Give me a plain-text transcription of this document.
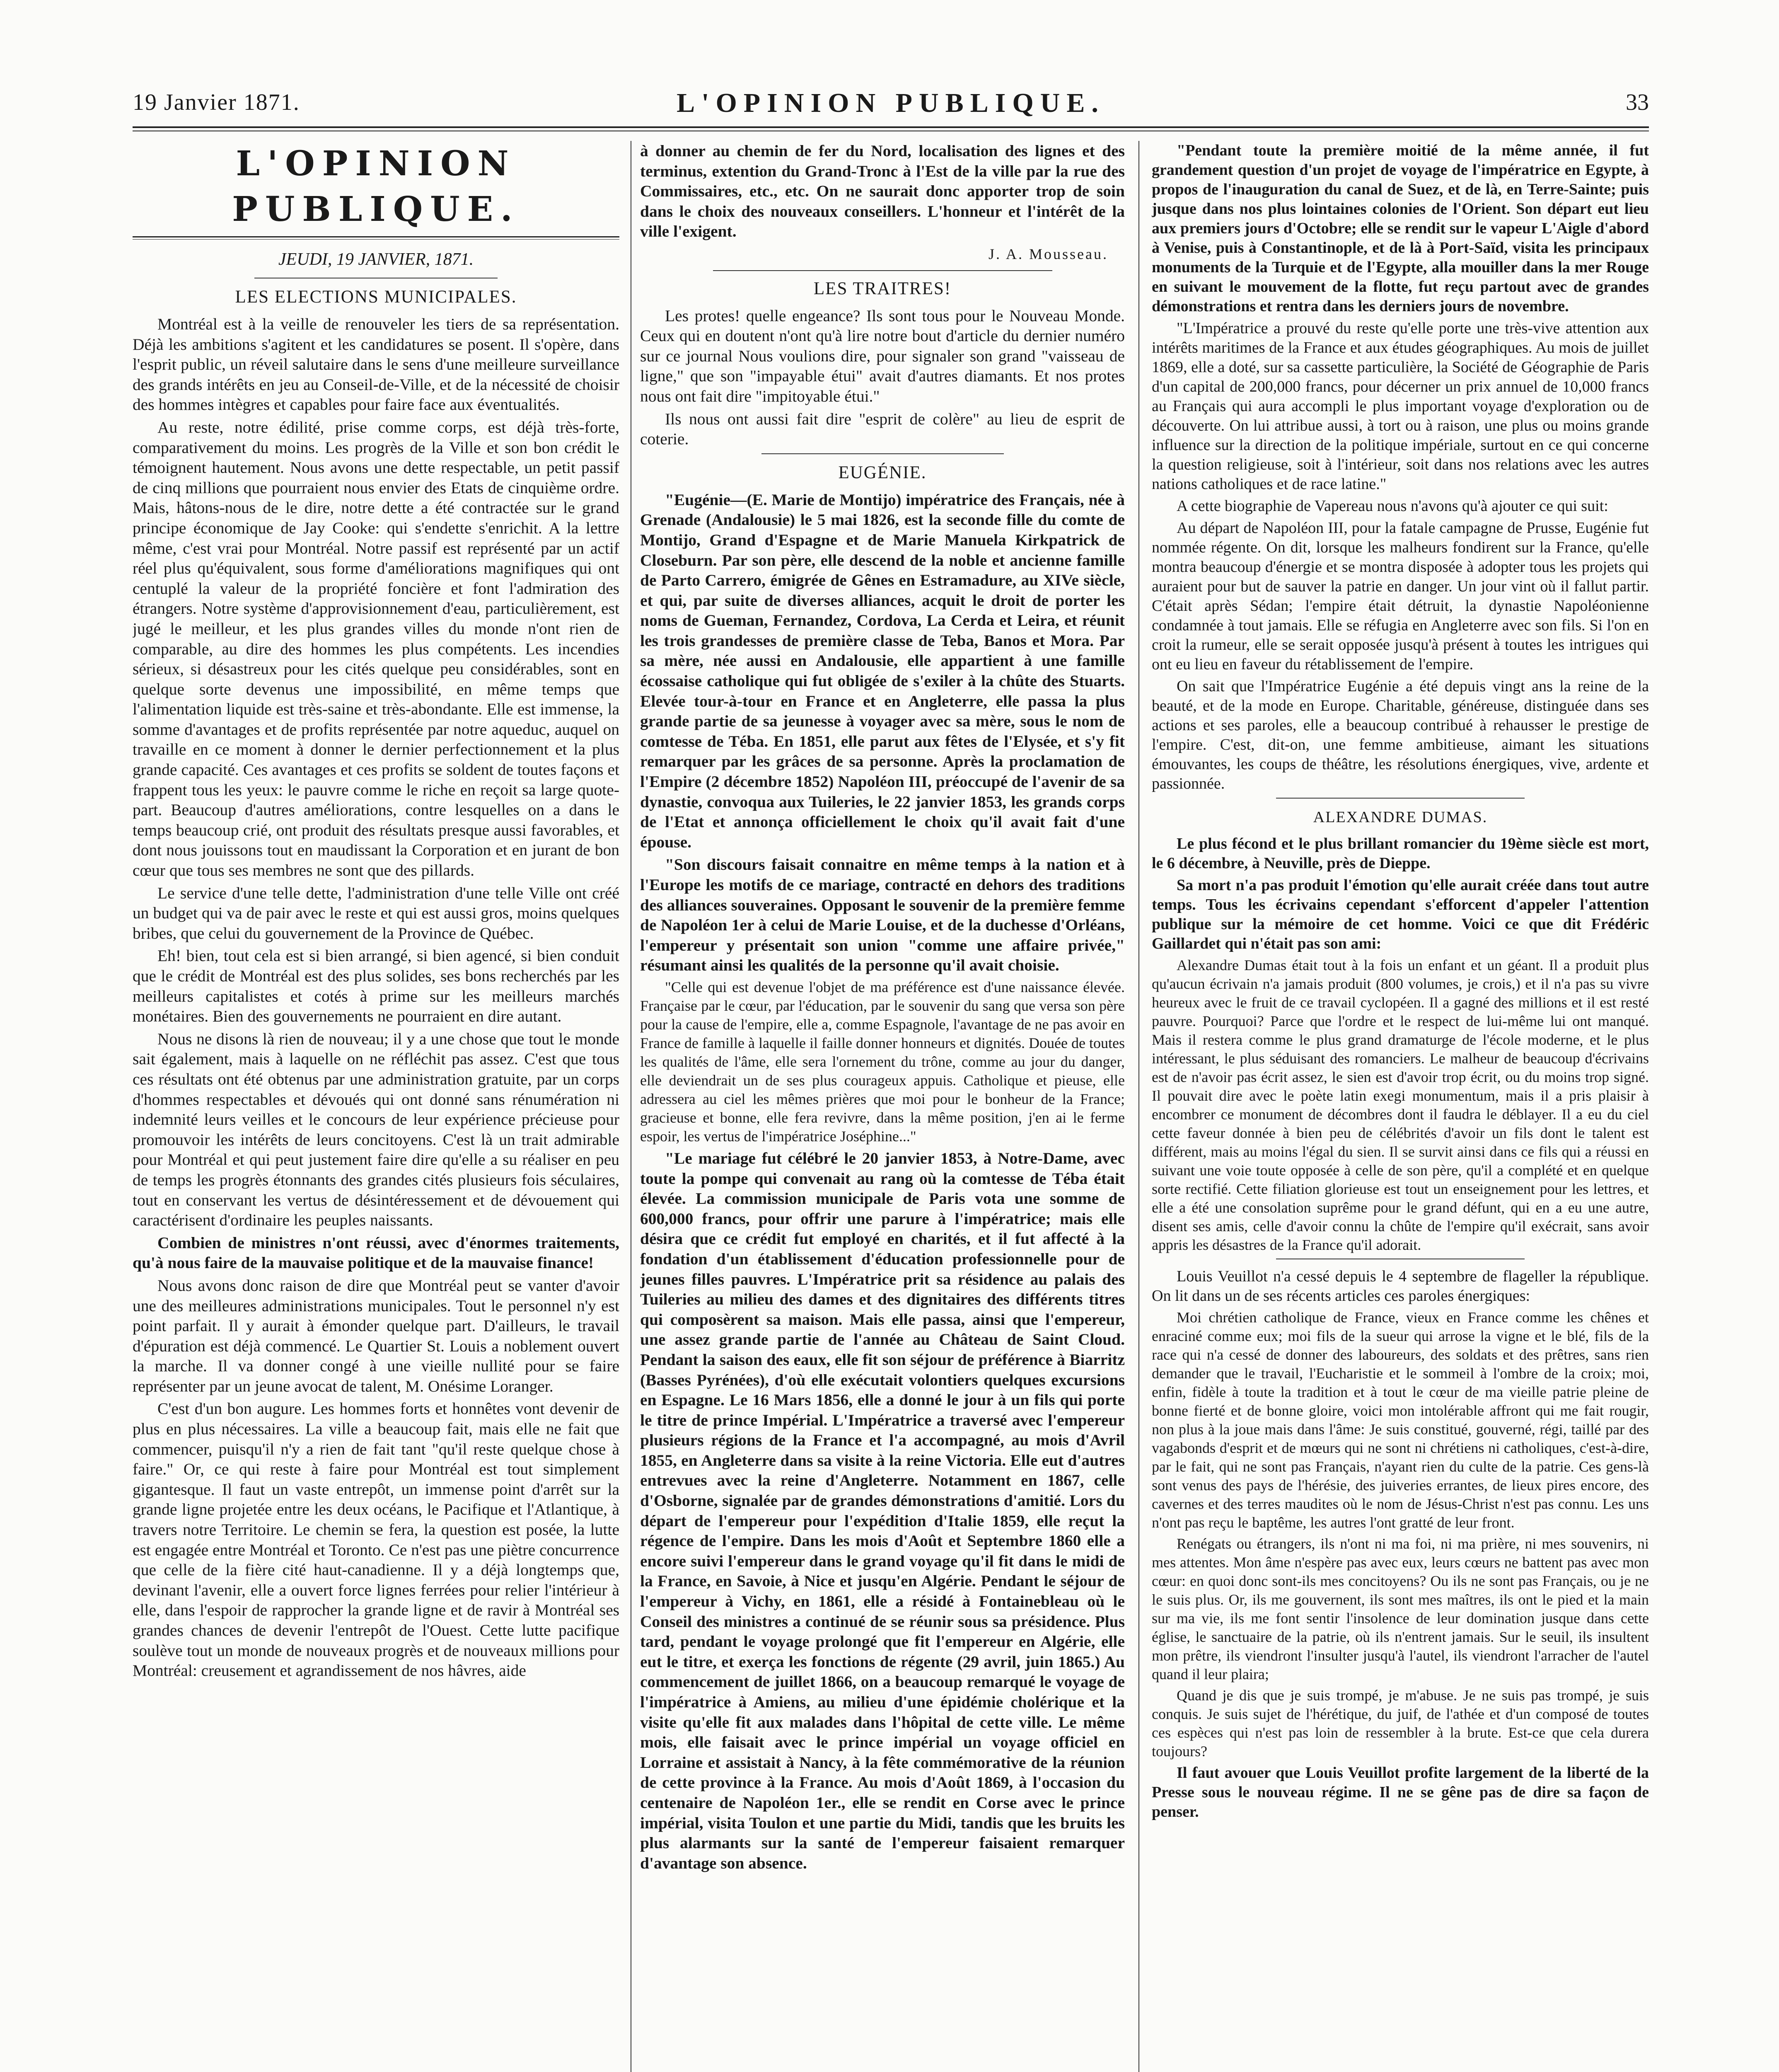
19 Janvier 1871.	L'OPINION PUBLIQUE.	33
L'OPINION PUBLIQUE.
JEUDI, 19 JANVIER, 1871.
LES ELECTIONS MUNICIPALES.

Montréal est à la veille de renouveler les tiers de sa représentation. Déjà les ambitions s'agitent et les candidatures se posent. Il s'opère, dans l'esprit public, un réveil salutaire dans le sens d'une meilleure surveillance des grands intérêts en jeu au Conseil-de-Ville, et de la nécessité de choisir des hommes intègres et capables pour faire face aux éventualités.

Au reste, notre édilité, prise comme corps, est déjà très-forte, comparativement du moins. Les progrès de la Ville et son bon crédit le témoignent hautement. Nous avons une dette respectable, un petit passif de cinq millions que pourraient nous envier des Etats de cinquième ordre. Mais, hâtons-nous de le dire, notre dette a été contractée sur le grand principe économique de Jay Cooke: qui s'endette s'enrichit. A la lettre même, c'est vrai pour Montréal. Notre passif est représenté par un actif réel plus qu'équivalent, sous forme d'améliorations magnifiques qui ont centuplé la valeur de la propriété foncière et font l'admiration des étrangers. Notre système d'approvisionnement d'eau, particulièrement, est jugé le meilleur, et les plus grandes villes du monde n'ont rien de comparable, au dire des hommes les plus compétents. Les incendies sérieux, si désastreux pour les cités quelque peu considérables, sont en quelque sorte devenus une impossibilité, en même temps que l'alimentation liquide est très-saine et très-abondante. Elle est immense, la somme d'avantages et de profits représentée par notre aqueduc, auquel on travaille en ce moment à donner le dernier perfectionnement et la plus grande capacité. Ces avantages et ces profits se soldent de toutes façons et frappent tous les yeux: le pauvre comme le riche en reçoit sa large quote-part. Beaucoup d'autres améliorations, contre lesquelles on a dans le temps beaucoup crié, ont produit des résultats presque aussi favorables, et dont nous jouissons tout en maudissant la Corporation et en jurant de bon cœur que tous ses membres ne sont que des pillards.

Le service d'une telle dette, l'administration d'une telle Ville ont créé un budget qui va de pair avec le reste et qui est aussi gros, moins quelques bribes, que celui du gouvernement de la Province de Québec.

Eh! bien, tout cela est si bien arrangé, si bien agencé, si bien conduit que le crédit de Montréal est des plus solides, ses bons recherchés par les meilleurs capitalistes et cotés à prime sur les meilleurs marchés monétaires. Bien des gouvernements ne pourraient en dire autant.

Nous ne disons là rien de nouveau; il y a une chose que tout le monde sait également, mais à laquelle on ne réfléchit pas assez. C'est que tous ces résultats ont été obtenus par une administration gratuite, par un corps d'hommes respectables et dévoués qui ont donné sans rénumération ni indemnité leurs veilles et le concours de leur expérience précieuse pour promouvoir les intérêts de leurs concitoyens. C'est là un trait admirable pour Montréal et qui peut justement faire dire qu'elle a su réaliser en peu de temps les progrès étonnants des grandes cités plusieurs fois séculaires, tout en conservant les vertus de désintéressement et de dévouement qui caractérisent d'ordinaire les peuples naissants.

Combien de ministres n'ont réussi, avec d'énormes traitements, qu'à nous faire de la mauvaise politique et de la mauvaise finance!

Nous avons donc raison de dire que Montréal peut se vanter d'avoir une des meilleures administrations municipales. Tout le personnel n'y est point parfait. Il y aurait à émonder quelque part. D'ailleurs, le travail d'épuration est déjà commencé. Le Quartier St. Louis a noblement ouvert la marche. Il va donner congé à une vieille nullité pour se faire représenter par un jeune avocat de talent, M. Onésime Loranger.

C'est d'un bon augure. Les hommes forts et honnêtes vont devenir de plus en plus nécessaires. La ville a beaucoup fait, mais elle ne fait que commencer, puisqu'il n'y a rien de fait tant "qu'il reste quelque chose à faire." Or, ce qui reste à faire pour Montréal est tout simplement gigantesque. Il faut un vaste entrepôt, un immense point d'arrêt sur la grande ligne projetée entre les deux océans, le Pacifique et l'Atlantique, à travers notre Territoire. Le chemin se fera, la question est posée, la lutte est engagée entre Montréal et Toronto. Ce n'est pas une piètre concurrence que celle de la fière cité haut-canadienne. Il y a déjà longtemps que, devinant l'avenir, elle a ouvert force lignes ferrées pour relier l'intérieur à elle, dans l'espoir de rapprocher la grande ligne et de ravir à Montréal ses grandes chances de devenir l'entrepôt de l'Ouest. Cette lutte pacifique soulève tout un monde de nouveaux progrès et de nouveaux millions pour Montréal: creusement et agrandissement de nos hâvres, aide

à donner au chemin de fer du Nord, localisation des lignes et des terminus, extention du Grand-Tronc à l'Est de la ville par la rue des Commissaires, etc., etc. On ne saurait donc apporter trop de soin dans le choix des nouveaux conseillers. L'honneur et l'intérêt de la ville l'exigent.

J. A. Mousseau.
LES TRAITRES!

Les protes! quelle engeance? Ils sont tous pour le Nouveau Monde. Ceux qui en doutent n'ont qu'à lire notre bout d'article du dernier numéro sur ce journal Nous voulions dire, pour signaler son grand "vaisseau de ligne," que son "impayable étui" avait d'autres diamants. Et nos protes nous ont fait dire "impitoyable étui."

Ils nous ont aussi fait dire "esprit de colère" au lieu de esprit de coterie.

EUGÉNIE.

"Eugénie—(E. Marie de Montijo) impératrice des Français, née à Grenade (Andalousie) le 5 mai 1826, est la seconde fille du comte de Montijo, Grand d'Espagne et de Marie Manuela Kirkpatrick de Closeburn. Par son père, elle descend de la noble et ancienne famille de Parto Carrero, émigrée de Gênes en Estramadure, au XIVe siècle, et qui, par suite de diverses alliances, acquit le droit de porter les noms de Gueman, Fernandez, Cordova, La Cerda et Leira, et réunit les trois grandesses de première classe de Teba, Banos et Mora. Par sa mère, née aussi en Andalousie, elle appartient à une famille écossaise catholique qui fut obligée de s'exiler à la chûte des Stuarts. Elevée tour-à-tour en France et en Angleterre, elle passa la plus grande partie de sa jeunesse à voyager avec sa mère, sous le nom de comtesse de Téba. En 1851, elle parut aux fêtes de l'Elysée, et s'y fit remarquer par les grâces de sa personne. Après la proclamation de l'Empire (2 décembre 1852) Napoléon III, préoccupé de l'avenir de sa dynastie, convoqua aux Tuileries, le 22 janvier 1853, les grands corps de l'Etat et annonça officiellement le choix qu'il avait fait d'une épouse.

"Son discours faisait connaitre en même temps à la nation et à l'Europe les motifs de ce mariage, contracté en dehors des traditions des alliances souveraines. Opposant le souvenir de la première femme de Napoléon 1er à celui de Marie Louise, et de la duchesse d'Orléans, l'empereur y présentait son union "comme une affaire privée," résumant ainsi les qualités de la personne qu'il avait choisie.

"Celle qui est devenue l'objet de ma préférence est d'une naissance élevée. Française par le cœur, par l'éducation, par le souvenir du sang que versa son père pour la cause de l'empire, elle a, comme Espagnole, l'avantage de ne pas avoir en France de famille à laquelle il faille donner honneurs et dignités. Douée de toutes les qualités de l'âme, elle sera l'ornement du trône, comme au jour du danger, elle deviendrait un de ses plus courageux appuis. Catholique et pieuse, elle adressera au ciel les mêmes prières que moi pour le bonheur de la France; gracieuse et bonne, elle fera revivre, dans la même position, j'en ai le ferme espoir, les vertus de l'impératrice Joséphine..."

"Le mariage fut célébré le 20 janvier 1853, à Notre-Dame, avec toute la pompe qui convenait au rang où la comtesse de Téba était élevée. La commission municipale de Paris vota une somme de 600,000 francs, pour offrir une parure à l'impératrice; mais elle désira que ce crédit fut employé en charités, et il fut affecté à la fondation d'un établissement d'éducation professionnelle pour de jeunes filles pauvres. L'Impératrice prit sa résidence au palais des Tuileries au milieu des dames et des dignitaires des différents titres qui composèrent sa maison. Mais elle passa, ainsi que l'empereur, une assez grande partie de l'année au Château de Saint Cloud. Pendant la saison des eaux, elle fit son séjour de préférence à Biarritz (Basses Pyrénées), d'où elle exécutait volontiers quelques excursions en Espagne. Le 16 Mars 1856, elle a donné le jour à un fils qui porte le titre de prince Impérial. L'Impératrice a traversé avec l'empereur plusieurs régions de la France et l'a accompagné, au mois d'Avril 1855, en Angleterre dans sa visite à la reine Victoria. Elle eut d'autres entrevues avec la reine d'Angleterre. Notamment en 1867, celle d'Osborne, signalée par de grandes démonstrations d'amitié. Lors du départ de l'empereur pour l'expédition d'Italie 1859, elle reçut la régence de l'empire. Dans les mois d'Août et Septembre 1860 elle a encore suivi l'empereur dans le grand voyage qu'il fit dans le midi de la France, en Savoie, à Nice et jusqu'en Algérie. Pendant le séjour de l'empereur à Vichy, en 1861, elle a résidé à Fontainebleau où le Conseil des ministres a continué de se réunir sous sa présidence. Plus tard, pendant le voyage prolongé que fit l'empereur en Algérie, elle eut le titre, et exerça les fonctions de régente (29 avril, juin 1865.) Au commencement de juillet 1866, on a beaucoup remarqué le voyage de l'impératrice à Amiens, au milieu d'une épidémie cholérique et la visite qu'elle fit aux malades dans l'hôpital de cette ville. Le même mois, elle faisait avec le prince impérial un voyage officiel en Lorraine et assistait à Nancy, à la fête commémorative de la réunion de cette province à la France. Au mois d'Août 1869, à l'occasion du centenaire de Napoléon 1er., elle se rendit en Corse avec le prince impérial, visita Toulon et une partie du Midi, tandis que les bruits les plus alarmants sur la santé de l'empereur faisaient remarquer d'avantage son absence.

"Pendant toute la première moitié de la même année, il fut grandement question d'un projet de voyage de l'impératrice en Egypte, à propos de l'inauguration du canal de Suez, et de là, en Terre-Sainte; puis jusque dans nos plus lointaines colonies de l'Orient. Son départ eut lieu aux premiers jours d'Octobre; elle se rendit sur le vapeur L'Aigle d'abord à Venise, puis à Constantinople, et de là à Port-Saïd, visita les principaux monuments de la Turquie et de l'Egypte, alla mouiller dans la mer Rouge en suivant le mouvement de la flotte, fut reçu partout avec de grandes démonstrations et rentra dans les derniers jours de novembre.

"L'Impératrice a prouvé du reste qu'elle porte une très-vive attention aux intérêts maritimes de la France et aux études géographiques. Au mois de juillet 1869, elle a doté, sur sa cassette particulière, la Société de Géographie de Paris d'un capital de 200,000 francs, pour décerner un prix annuel de 10,000 francs au Français qui aura accompli le plus important voyage d'exploration ou de découverte. On lui attribue aussi, à tort ou à raison, une plus ou moins grande influence sur la direction de la politique impériale, surtout en ce qui concerne la question religieuse, soit à l'intérieur, soit dans nos relations avec les autres nations catholiques et de race latine."

A cette biographie de Vapereau nous n'avons qu'à ajouter ce qui suit:

Au départ de Napoléon III, pour la fatale campagne de Prusse, Eugénie fut nommée régente. On dit, lorsque les malheurs fondirent sur la France, qu'elle montra beaucoup d'énergie et se montra disposée à adopter tous les projets qui auraient pour but de sauver la patrie en danger. Un jour vint où il fallut partir. C'était après Sédan; l'empire était détruit, la dynastie Napoléonienne condamnée à tout jamais. Elle se réfugia en Angleterre avec son fils. Si l'on en croit la rumeur, elle se serait opposée jusqu'à présent à toutes les intrigues qui ont eu lieu en faveur du rétablissement de l'empire.

On sait que l'Impératrice Eugénie a été depuis vingt ans la reine de la beauté, et de la mode en Europe. Charitable, généreuse, distinguée dans ses actions et ses paroles, elle a beaucoup contribué à rehausser le prestige de l'empire. C'est, dit-on, une femme ambitieuse, aimant les situations émouvantes, les coups de théâtre, les résolutions énergiques, vive, ardente et passionnée.

ALEXANDRE DUMAS.

Le plus fécond et le plus brillant romancier du 19ème siècle est mort, le 6 décembre, à Neuville, près de Dieppe.

Sa mort n'a pas produit l'émotion qu'elle aurait créée dans tout autre temps. Tous les écrivains cependant s'efforcent d'appeler l'attention publique sur la mémoire de cet homme. Voici ce que dit Frédéric Gaillardet qui n'était pas son ami:

Alexandre Dumas était tout à la fois un enfant et un géant. Il a produit plus qu'aucun écrivain n'a jamais produit (800 volumes, je crois,) et il n'a pas su vivre heureux avec le fruit de ce travail cyclopéen. Il a gagné des millions et il est resté pauvre. Pourquoi? Parce que l'ordre et le respect de lui-même lui ont manqué. Mais il restera comme le plus grand dramaturge de l'école moderne, et le plus intéressant, le plus séduisant des romanciers. Le malheur de beaucoup d'écrivains est de n'avoir pas écrit assez, le sien est d'avoir trop écrit, ou du moins trop signé. Il pouvait dire avec le poète latin exegi monumentum, mais il a pris plaisir à encombrer ce monument de décombres dont il faudra le déblayer. Il a eu du ciel cette faveur donnée à bien peu de célébrités d'avoir un fils dont le talent est différent, mais au moins l'égal du sien. Il se survit ainsi dans ce fils qui a réussi en suivant une voie toute opposée à celle de son père, qu'il a complété et en quelque sorte rectifié. Cette filiation glorieuse est tout un enseignement pour les lettres, et elle a été une consolation suprême pour le grand défunt, qui en a eu une autre, disent ses amis, celle d'avoir connu la chûte de l'empire qu'il exécrait, sans avoir appris les désastres de la France qu'il adorait.

Louis Veuillot n'a cessé depuis le 4 septembre de flageller la république. On lit dans un de ses récents articles ces paroles énergiques:

Moi chrétien catholique de France, vieux en France comme les chênes et enraciné comme eux; moi fils de la sueur qui arrose la vigne et le blé, fils de la race qui n'a cessé de donner des laboureurs, des soldats et des prêtres, sans rien demander que le travail, l'Eucharistie et le sommeil à l'ombre de la croix; moi, enfin, fidèle à toute la tradition et à tout le cœur de ma vieille patrie pleine de bonne fierté et de bonne gloire, voici mon intolérable affront qui me fait rougir, non plus à la joue mais dans l'âme: Je suis constitué, gouverné, régi, taillé par des vagabonds d'esprit et de mœurs qui ne sont ni chrétiens ni catholiques, c'est-à-dire, par le fait, qui ne sont pas Français, n'ayant rien du culte de la patrie. Ces gens-là sont venus des pays de l'hérésie, des juiveries errantes, de lieux pires encore, des cavernes et des terres maudites où le nom de Jésus-Christ n'est pas connu. Les uns n'ont pas reçu le baptême, les autres l'ont gratté de leur front.

Renégats ou étrangers, ils n'ont ni ma foi, ni ma prière, ni mes souvenirs, ni mes attentes. Mon âme n'espère pas avec eux, leurs cœurs ne battent pas avec mon cœur: en quoi donc sont-ils mes concitoyens? Ou ils ne sont pas Français, ou je ne le suis plus. Or, ils me gouvernent, ils sont mes maîtres, ils ont le pied et la main sur ma vie, ils me font sentir l'insolence de leur domination jusque dans cette église, le sanctuaire de la patrie, où ils n'entrent jamais. Sur le seuil, ils insultent mon prêtre, ils viendront l'insulter jusqu'à l'autel, ils viendront l'arracher de l'autel quand il leur plaira;

Quand je dis que je suis trompé, je m'abuse. Je ne suis pas trompé, je suis conquis. Je suis sujet de l'hérétique, du juif, de l'athée et d'un composé de toutes ces espèces qui n'est pas loin de ressembler à la brute. Est-ce que cela durera toujours?

Il faut avouer que Louis Veuillot profite largement de la liberté de la Presse sous le nouveau régime. Il ne se gêne pas de dire sa façon de penser.
